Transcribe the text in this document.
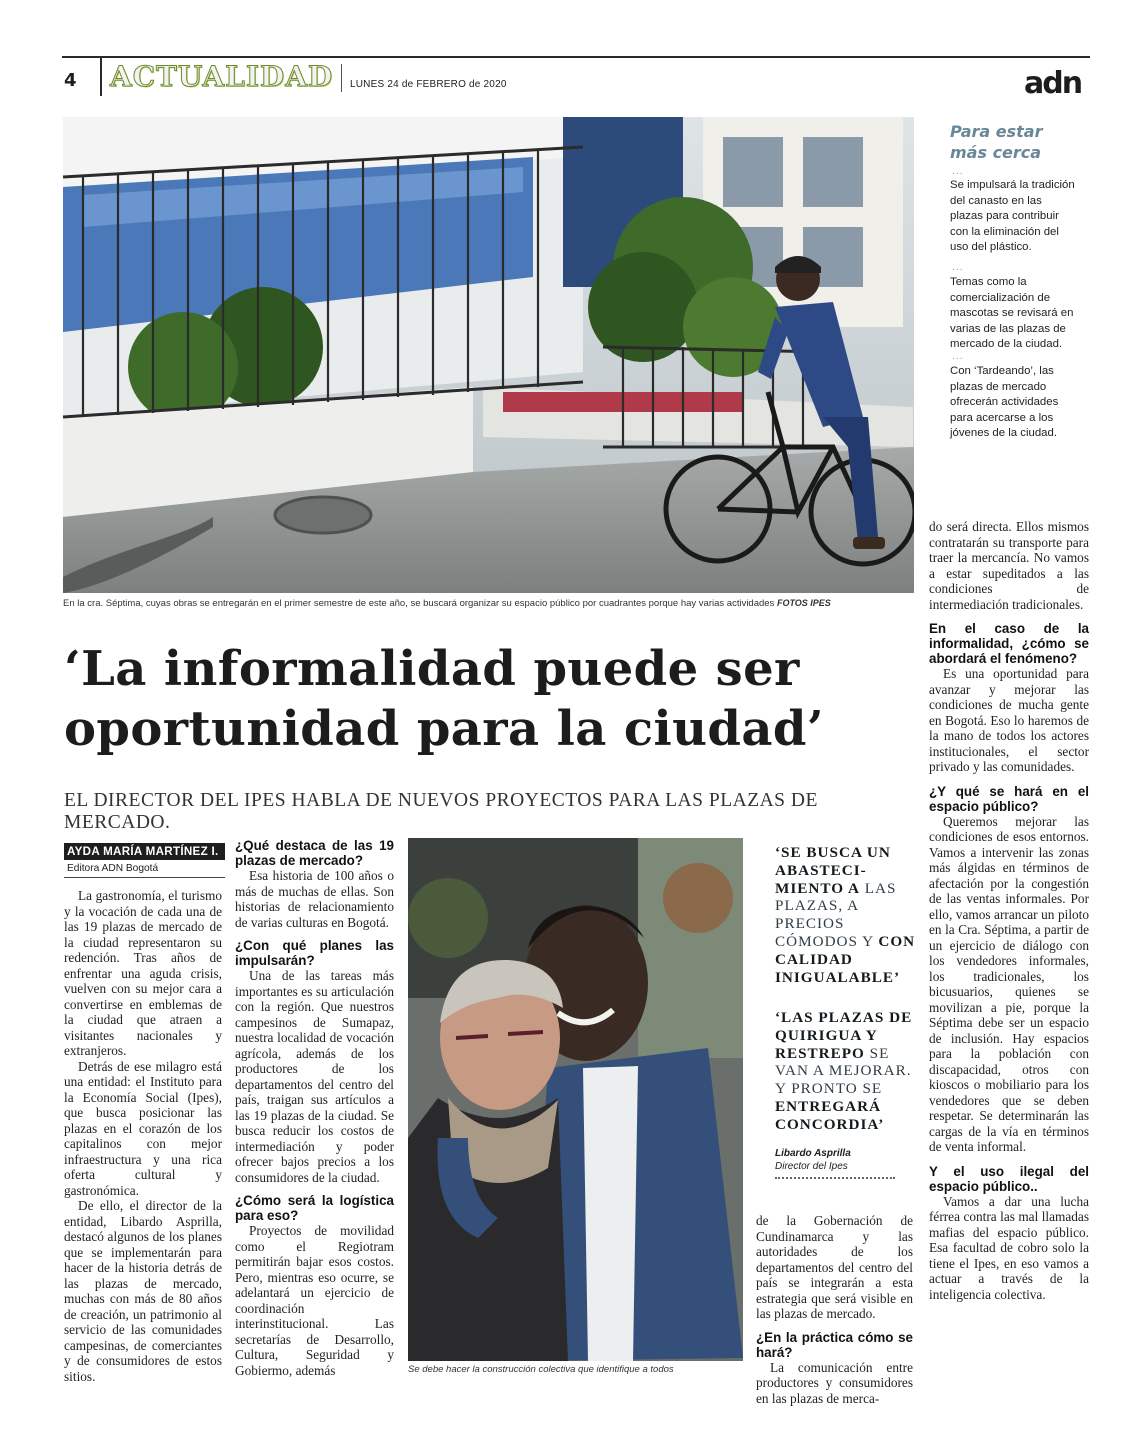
4 ACTUALIDAD LUNES 24 de FEBRERO de 2020	adn
En la cra. Séptima, cuyas obras se entregarán en el primer semestre de este año, se buscará organizar su espacio público por cuadrantes porque hay varias actividades FOTOS IPES
Para estar
más cerca
...
Se impulsará la tradición del canasto en las plazas para contribuir con la eliminación del uso del plástico.
...
Temas como la comercialización de mascotas se revisará en varias de las plazas de mercado de la ciudad.
...
Con ‘Tardeando’, las plazas de mercado ofrecerán actividades para acercarse a los jóvenes de la ciudad.
‘La informalidad puede ser
oportunidad para la ciudad’
EL DIRECTOR DEL IPES HABLA DE NUEVOS PROYECTOS PARA LAS PLAZAS DE MERCADO.
AYDA MARÍA MARTÍNEZ I.
Editora ADN Bogotá

La gastronomía, el turismo y la vocación de cada una de las 19 plazas de mercado de la ciudad representaron su redención. Tras años de enfrentar una aguda crisis, vuelven con su mejor cara a convertirse en emblemas de la ciudad que atraen a visitantes nacionales y extranjeros.

Detrás de ese milagro está una entidad: el Instituto para la Economía Social (Ipes), que busca posicionar las plazas en el corazón de los capitalinos con mejor infraestructura y una rica oferta cultural y gastronómica.

De ello, el director de la entidad, Libardo Asprilla, destacó algunos de los planes que se implementarán para hacer de la historia detrás de las plazas de mercado, muchas con más de 80 años de creación, un patrimonio al servicio de las comunidades campesinas, de comerciantes y de consumidores de estos sitios.

¿Qué destaca de las 19 plazas de mercado?

Esa historia de 100 años o más de muchas de ellas. Son historias de relacionamiento de varias culturas en Bogotá.

¿Con qué planes las impulsarán?

Una de las tareas más importantes es su articulación con la región. Que nuestros campesinos de Sumapaz, nuestra localidad de vocación agrícola, además de los productores de los departamentos del centro del país, traigan sus artículos a las 19 plazas de la ciudad. Se busca reducir los costos de intermediación y poder ofrecer bajos precios a los consumidores de la ciudad.

¿Cómo será la logística para eso?

Proyectos de movilidad como el Regiotram permitirán bajar esos costos. Pero, mientras eso ocurre, se adelantará un ejercicio de coordinación interinstitucional. Las secretarías de Desarrollo, Cultura, Seguridad y Gobiermo, además	Se debe hacer la construcción colectiva que identifique a todos
‘SE BUSCA UN ABASTECI- MIENTO A LAS PLAZAS, A PRECIOS CÓMODOS Y CON CALIDAD INIGUALABLE’
‘LAS PLAZAS DE QUIRIGUA Y RESTREPO SE VAN A MEJORAR. Y PRONTO SE ENTREGARÁ CONCORDIA’
Libardo Asprilla
Director del Ipes
de la Gobernación de Cundinamarca y las autoridades de los departamentos del centro del país se integrarán a esta estrategia que será visible en las plazas de mercado.
¿En la práctica cómo se hará?

La comunicación entre productores y consumidores en las plazas de merca-

do será directa. Ellos mismos contratarán su transporte para traer la mercancía. No vamos a estar supeditados a las condiciones de intermediación tradicionales.
En el caso de la informalidad, ¿cómo se abordará el fenómeno?

Es una oportunidad para avanzar y mejorar las condiciones de mucha gente en Bogotá. Eso lo haremos de la mano de todos los actores institucionales, el sector privado y las comunidades.

¿Y qué se hará en el espacio público?

Queremos mejorar las condiciones de esos entornos. Vamos a intervenir las zonas más álgidas en términos de afectación por la congestión de las ventas informales. Por ello, vamos arrancar un piloto en la Cra. Séptima, a partir de un ejercicio de diálogo con los vendedores informales, los tradicionales, los bicusuarios, quienes se movilizan a pie, porque la Séptima debe ser un espacio de inclusión. Hay espacios para la población con discapacidad, otros con kioscos o mobiliario para los vendedores que se deben respetar. Se determinarán las cargas de la vía en términos de venta informal.

Y el uso ilegal del espacio público..

Vamos a dar una lucha férrea contra las mal llamadas mafias del espacio público. Esa facultad de cobro solo la tiene el Ipes, en eso vamos a actuar a través de la inteligencia colectiva.
